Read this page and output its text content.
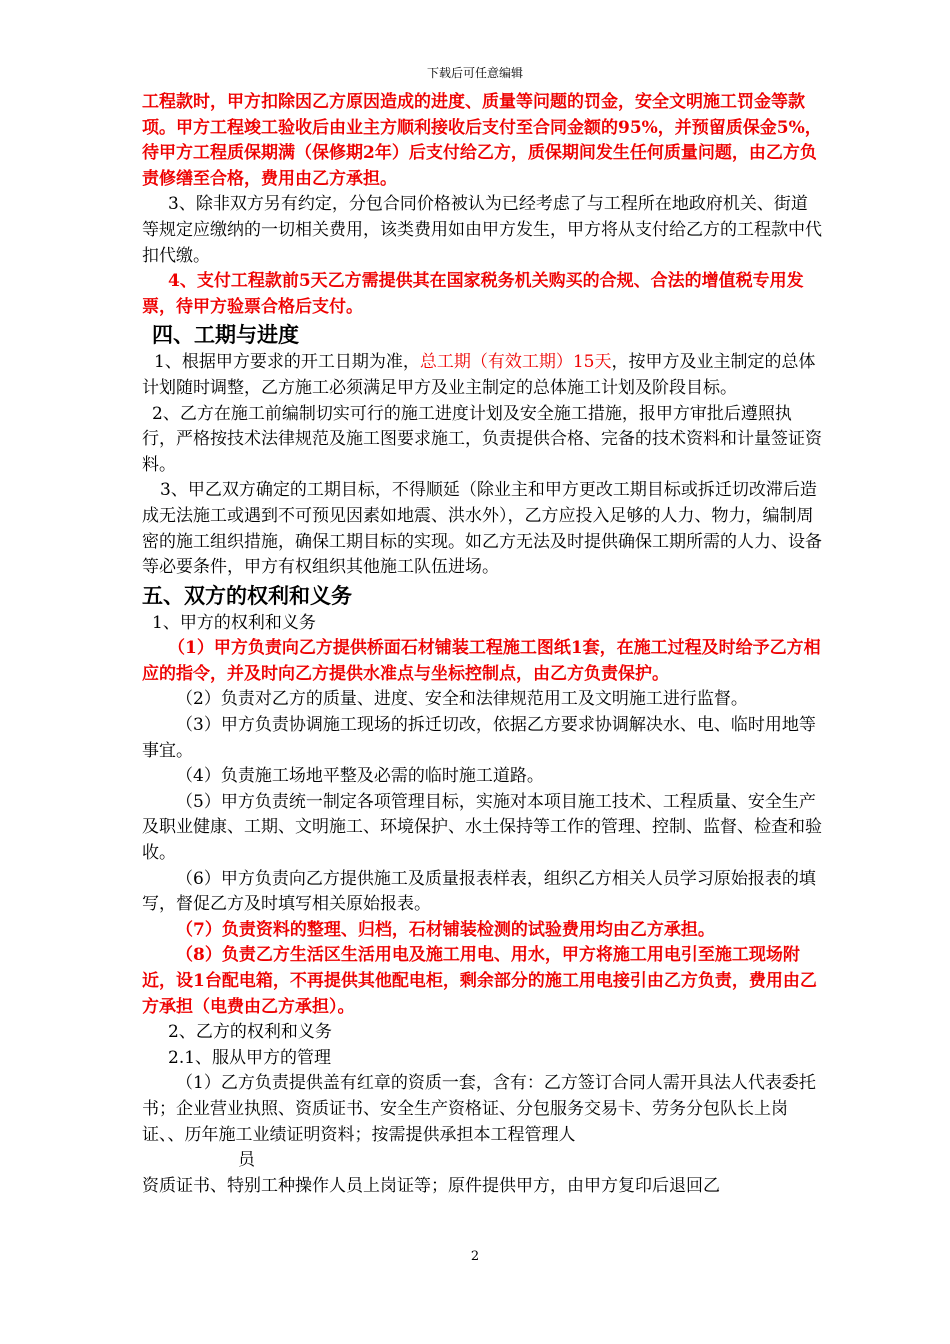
下载后可任意编辑

工程款时，甲方扣除因乙方原因造成的进度、质量等问题的罚金，安全文明施工罚金等款项。甲方工程竣工验收后由业主方顺利接收后支付至合同金额的95%，并预留质保金5%，待甲方工程质保期满（保修期2年）后支付给乙方，质保期间发生任何质量问题，由乙方负责修缮至合格，费用由乙方承担。

3、除非双方另有约定，分包合同价格被认为已经考虑了与工程所在地政府机关、街道等规定应缴纳的一切相关费用，该类费用如由甲方发生，甲方将从支付给乙方的工程款中代扣代缴。

4、支付工程款前5天乙方需提供其在国家税务机关购买的合规、合法的增值税专用发票，待甲方验票合格后支付。

四、工期与进度

1、根据甲方要求的开工日期为准，总工期（有效工期）15天，按甲方及业主制定的总体计划随时调整，乙方施工必须满足甲方及业主制定的总体施工计划及阶段目标。

2、乙方在施工前编制切实可行的施工进度计划及安全施工措施，报甲方审批后遵照执行，严格按技术法律规范及施工图要求施工，负责提供合格、完备的技术资料和计量签证资料。

3、甲乙双方确定的工期目标，不得顺延（除业主和甲方更改工期目标或拆迁切改滞后造成无法施工或遇到不可预见因素如地震、洪水外），乙方应投入足够的人力、物力，编制周密的施工组织措施，确保工期目标的实现。如乙方无法及时提供确保工期所需的人力、设备等必要条件，甲方有权组织其他施工队伍进场。

五、双方的权利和义务

1、甲方的权利和义务

（1）甲方负责向乙方提供桥面石材铺装工程施工图纸1套，在施工过程及时给予乙方相应的指令，并及时向乙方提供水准点与坐标控制点，由乙方负责保护。

（2）负责对乙方的质量、进度、安全和法律规范用工及文明施工进行监督。

（3）甲方负责协调施工现场的拆迁切改，依据乙方要求协调解决水、电、临时用地等事宜。

（4）负责施工场地平整及必需的临时施工道路。

（5）甲方负责统一制定各项管理目标，实施对本项目施工技术、工程质量、安全生产及职业健康、工期、文明施工、环境保护、水土保持等工作的管理、控制、监督、检查和验收。

（6）甲方负责向乙方提供施工及质量报表样表，组织乙方相关人员学习原始报表的填写，督促乙方及时填写相关原始报表。

（7）负责资料的整理、归档，石材铺装检测的试验费用均由乙方承担。

（8）负责乙方生活区生活用电及施工用电、用水，甲方将施工用电引至施工现场附近，设1台配电箱，不再提供其他配电柜，剩余部分的施工用电接引由乙方负责，费用由乙方承担（电费由乙方承担）。

2、乙方的权利和义务

2.1、服从甲方的管理

（1）乙方负责提供盖有红章的资质一套，含有：乙方签订合同人需开具法人代表委托书；企业营业执照、资质证书、安全生产资格证、分包服务交易卡、劳务分包队长上岗证、、历年施工业绩证明资料；按需提供承担本工程管理人

员

资质证书、特别工种操作人员上岗证等；原件提供甲方，由甲方复印后退回乙

2
